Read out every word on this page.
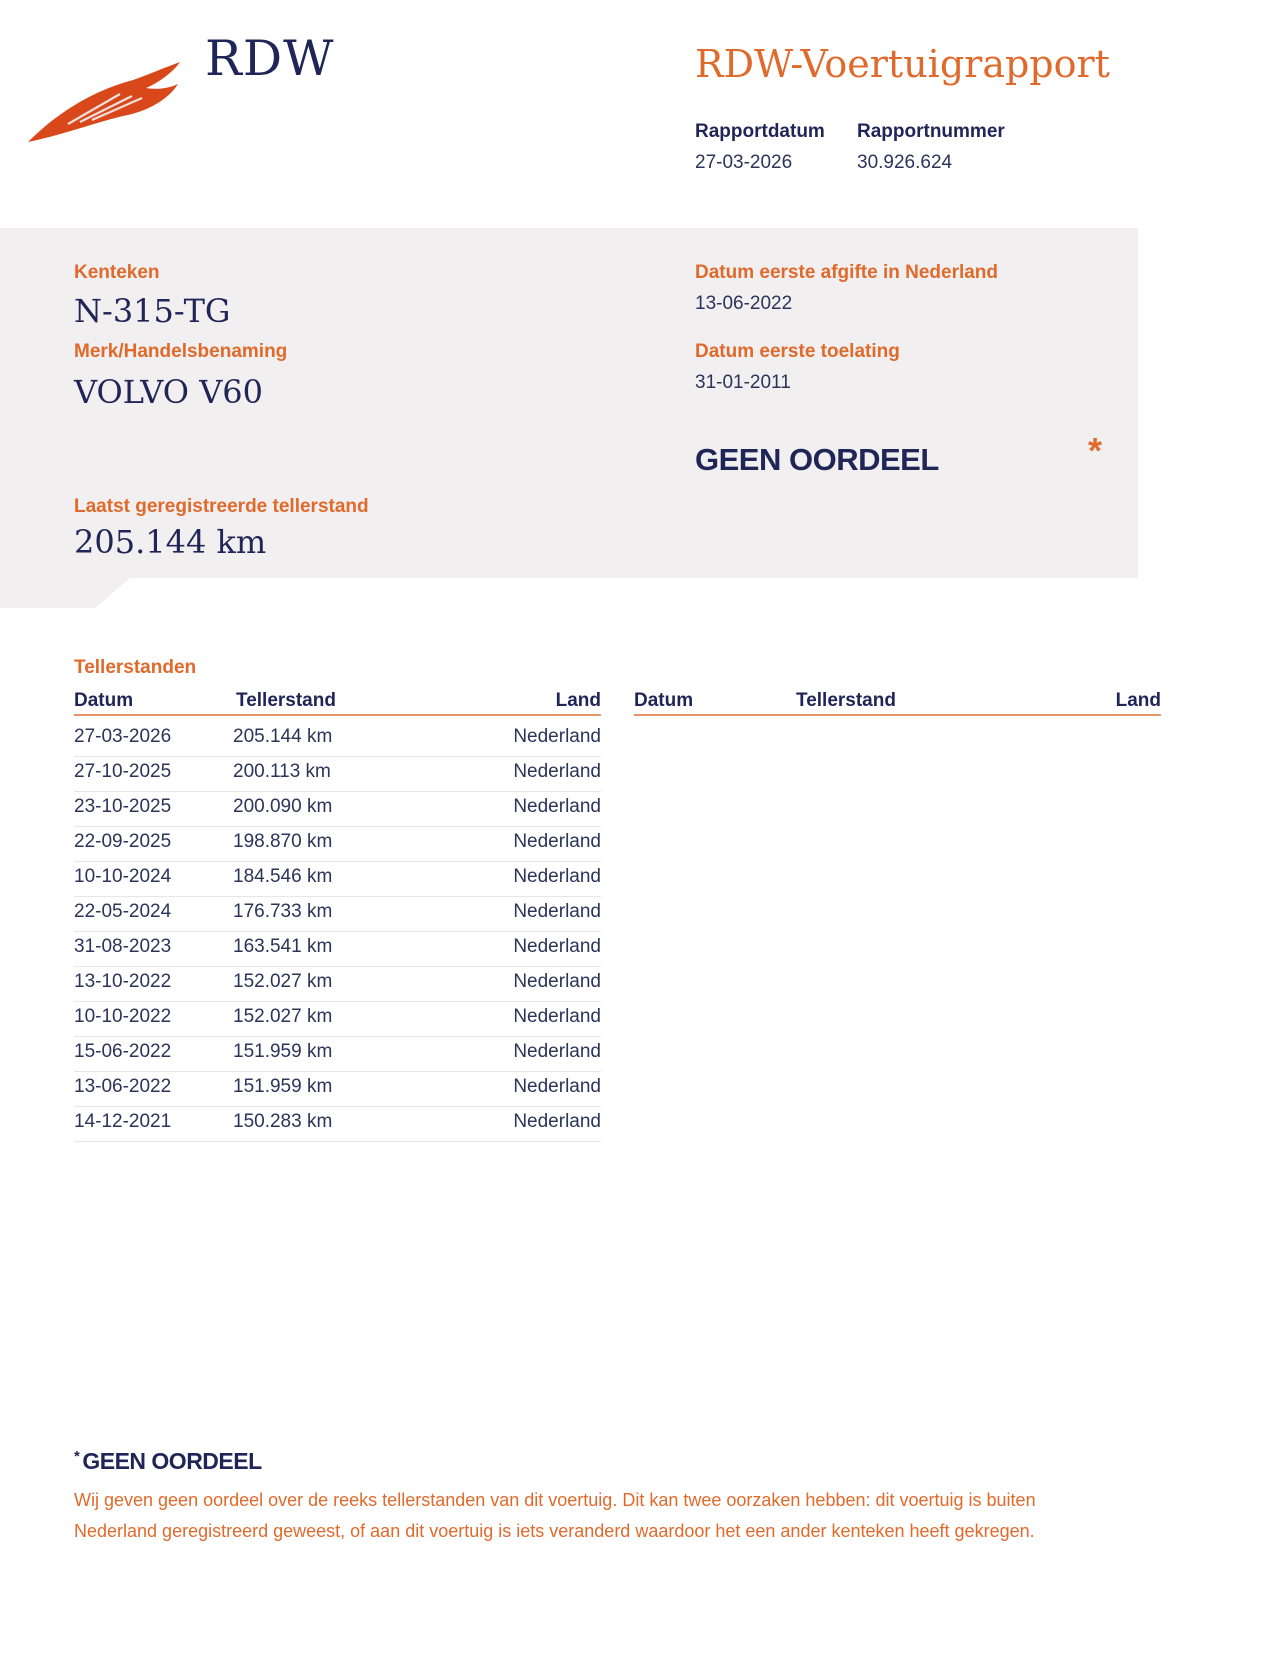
RDW	RDW-Voertuigrapport
Rapportdatum
27-03-2026
Rapportnummer
30.926.624
Kenteken
N-315-TG
Merk/Handelsbenaming
VOLVO V60
Datum eerste afgifte in Nederland
13-06-2022
Datum eerste toelating
31-01-2011
GEEN OORDEEL	*
Laatst geregistreerde tellerstand
205.144 km
Tellerstanden
Datum	Tellerstand	Land Datum	Tellerstand	Land
27-03-2026	205.144 km	Nederland
27-10-2025	200.113 km	Nederland
23-10-2025	200.090 km	Nederland
22-09-2025	198.870 km	Nederland
10-10-2024	184.546 km	Nederland
22-05-2024	176.733 km	Nederland
31-08-2023	163.541 km	Nederland
13-10-2022	152.027 km	Nederland
10-10-2022	152.027 km	Nederland
15-06-2022	151.959 km	Nederland
13-06-2022	151.959 km	Nederland
14-12-2021	150.283 km	Nederland
* GEEN OORDEEL
Wij geven geen oordeel over de reeks tellerstanden van dit voertuig. Dit kan twee oorzaken hebben: dit voertuig is buiten Nederland geregistreerd geweest, of aan dit voertuig is iets veranderd waardoor het een ander kenteken heeft gekregen.
